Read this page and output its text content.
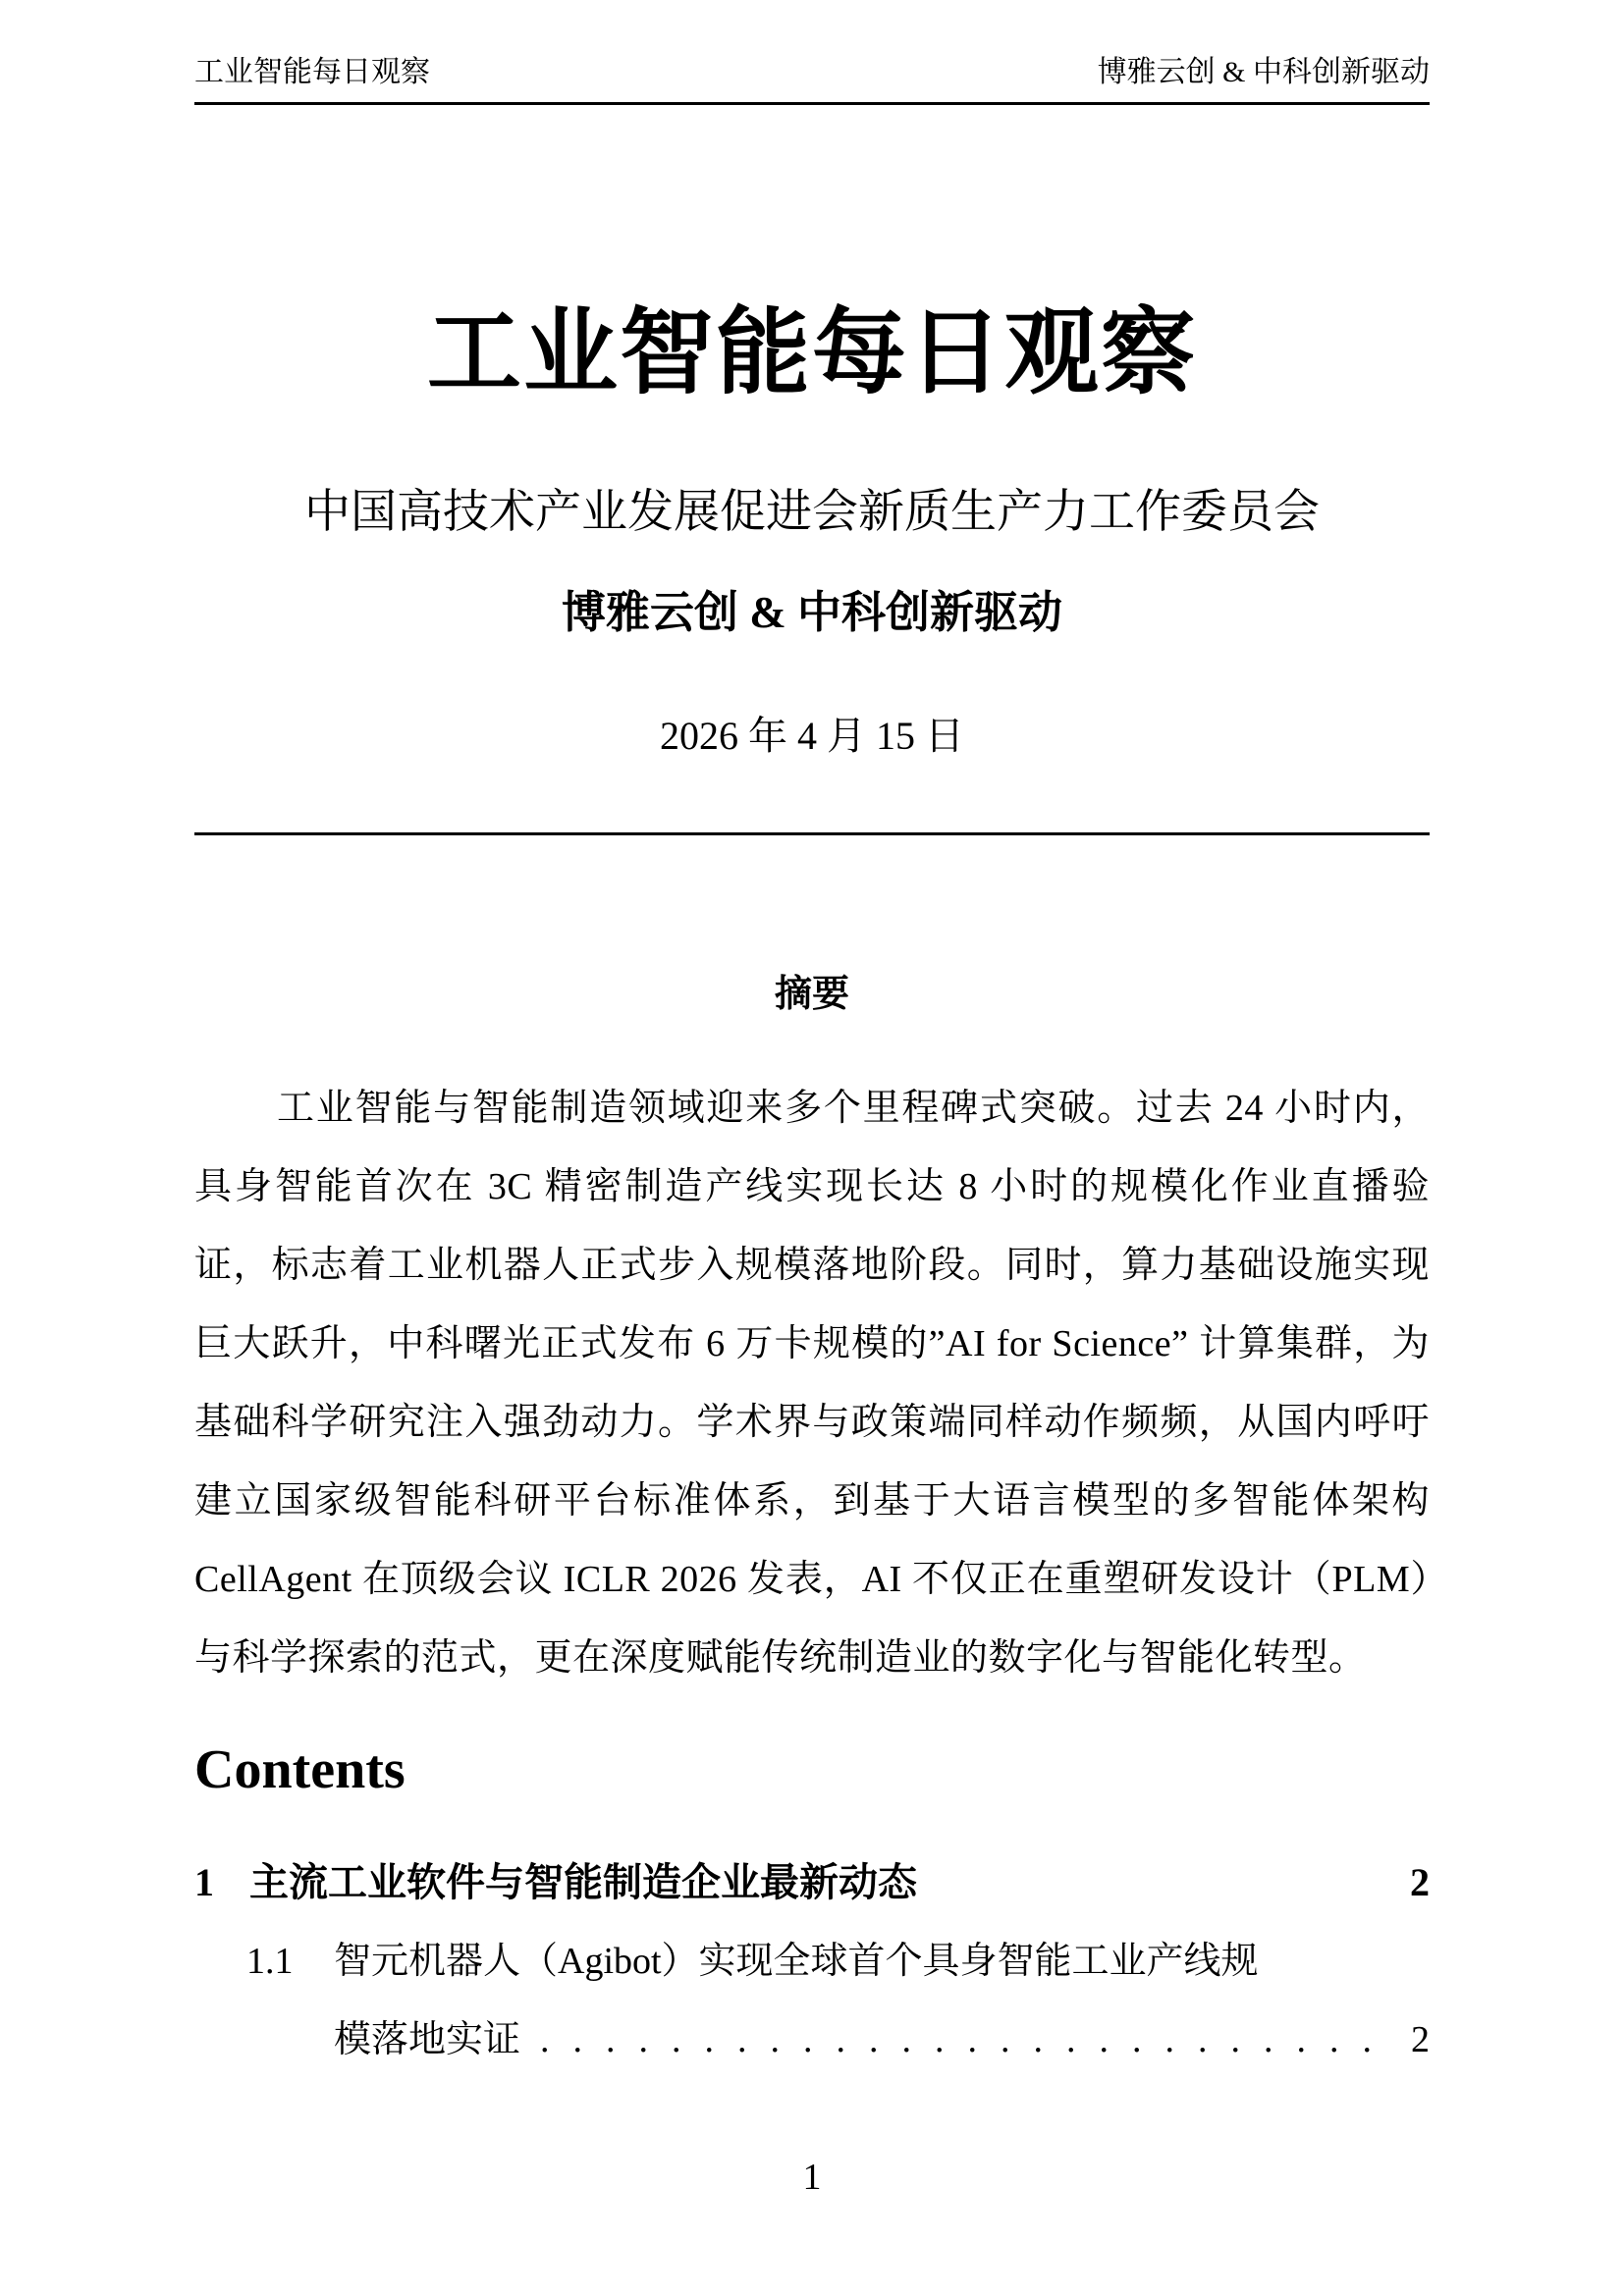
工业智能每日观察	博雅云创 & 中科创新驱动
工业智能每日观察

中国高技术产业发展促进会新质生产力工作委员会

博雅云创 & 中科创新驱动

2026 年 4 月 15 日

摘要

工业智能与智能制造领域迎来多个里程碑式突破。过去 24 小时内，具身智能首次在 3C 精密制造产线实现长达 8 小时的规模化作业直播验证，标志着工业机器人正式步入规模落地阶段。同时，算力基础设施实现巨大跃升，中科曙光正式发布 6 万卡规模的”AI for Science” 计算集群，为基础科学研究注入强劲动力。学术界与政策端同样动作频频，从国内呼吁建立国家级智能科研平台标准体系，到基于大语言模型的多智能体架构 CellAgent 在顶级会议 ICLR 2026 发表，AI 不仅正在重塑研发设计（PLM）与科学探索的范式，更在深度赋能传统制造业的数字化与智能化转型。

Contents
1 主流工业软件与智能制造企业最新动态	2
1.1	智元机器人（Agibot）实现全球首个具身智能工业产线规
模落地实证 .......................... 2
1
